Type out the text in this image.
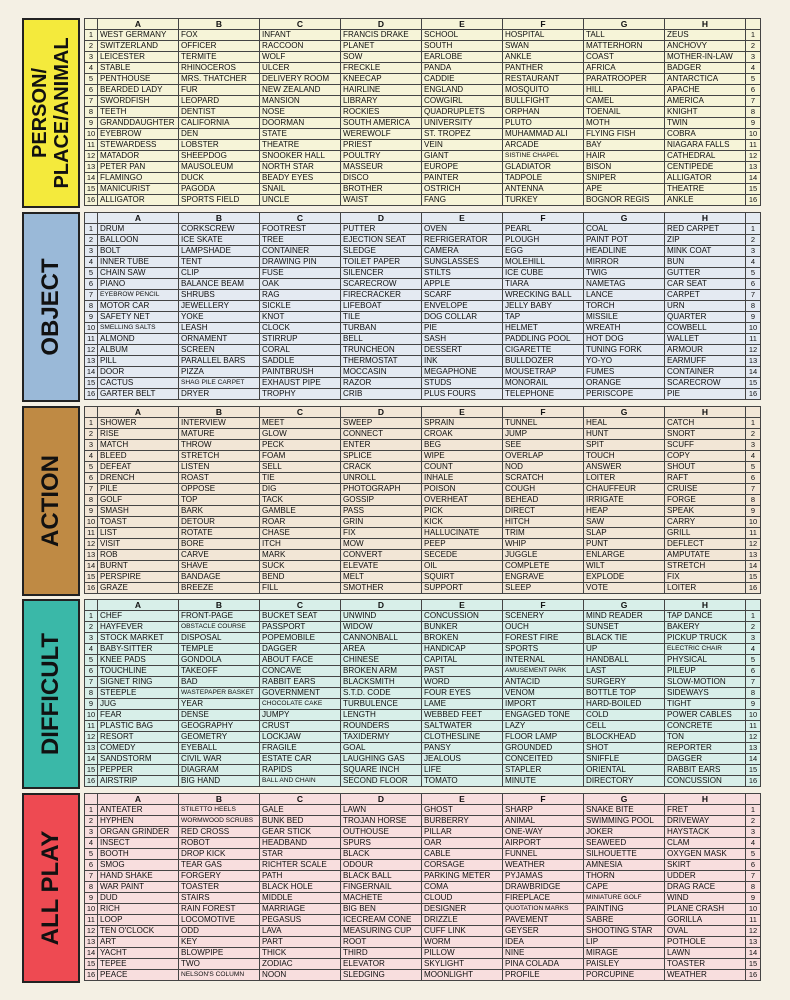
PERSON/ PLACE/ANIMAL
	A	B	C	D	E	F	G	H	
1	WEST GERMANY	FOX	INFANT	FRANCIS DRAKE	SCHOOL	HOSPITAL	TALL	ZEUS	1
2	SWITZERLAND	OFFICER	RACCOON	PLANET	SOUTH	SWAN	MATTERHORN	ANCHOVY	2
3	LEICESTER	TERMITE	WOLF	SOW	EARLOBE	ANKLE	COAST	MOTHER-IN-LAW	3
4	STABLE	RHINOCEROS	ULCER	FRECKLE	PANDA	PANTHER	AFRICA	BADGER	4
5	PENTHOUSE	MRS. THATCHER	DELIVERY ROOM	KNEECAP	CADDIE	RESTAURANT	PARATROOPER	ANTARCTICA	5
6	BEARDED LADY	FUR	NEW ZEALAND	HAIRLINE	ENGLAND	MOSQUITO	HILL	APACHE	6
7	SWORDFISH	LEOPARD	MANSION	LIBRARY	COWGIRL	BULLFIGHT	CAMEL	AMERICA	7
8	TEETH	DENTIST	NOSE	ROCKIES	QUADRUPLETS	ORPHAN	TOENAIL	KNIGHT	8
9	GRANDDAUGHTER	CALIFORNIA	DOORMAN	SOUTH AMERICA	UNIVERSITY	PLUTO	MOTH	TWIN	9
10	EYEBROW	DEN	STATE	WEREWOLF	ST. TROPEZ	MUHAMMAD ALI	FLYING FISH	COBRA	10
11	STEWARDESS	LOBSTER	THEATRE	PRIEST	VEIN	ARCADE	BAY	NIAGARA FALLS	11
12	MATADOR	SHEEPDOG	SNOOKER HALL	POULTRY	GIANT	SISTINE CHAPEL	HAIR	CATHEDRAL	12
13	PETER PAN	MAUSOLEUM	NORTH STAR	MASSEUR	EUROPE	GLADIATOR	BISON	CENTIPEDE	13
14	FLAMINGO	DUCK	BEADY EYES	DISCO	PAINTER	TADPOLE	SNIPER	ALLIGATOR	14
15	MANICURIST	PAGODA	SNAIL	BROTHER	OSTRICH	ANTENNA	APE	THEATRE	15
16	ALLIGATOR	SPORTS FIELD	UNCLE	WAIST	FANG	TURKEY	BOGNOR REGIS	ANKLE	16
OBJECT
	A	B	C	D	E	F	G	H	
1	DRUM	CORKSCREW	FOOTREST	PUTTER	OVEN	PEARL	COAL	RED CARPET	1
2	BALLOON	ICE SKATE	TREE	EJECTION SEAT	REFRIGERATOR	PLOUGH	PAINT POT	ZIP	2
3	BOLT	LAMPSHADE	CONTAINER	SLEDGE	CAMERA	EGG	HEADLINE	MINK COAT	3
4	INNER TUBE	TENT	DRAWING PIN	TOILET PAPER	SUNGLASSES	MOLEHILL	MIRROR	BUN	4
5	CHAIN SAW	CLIP	FUSE	SILENCER	STILTS	ICE CUBE	TWIG	GUTTER	5
6	PIANO	BALANCE BEAM	OAK	SCARECROW	APPLE	TIARA	NAMETAG	CAR SEAT	6
7	EYEBROW PENCIL	SHRUBS	RAG	FIRECRACKER	SCARF	WRECKING BALL	LANCE	CARPET	7
8	MOTOR CAR	JEWELLERY	SICKLE	LIFEBOAT	ENVELOPE	JELLY BABY	TORCH	URN	8
9	SAFETY NET	YOKE	KNOT	TILE	DOG COLLAR	TAP	MISSILE	QUARTER	9
10	SMELLING SALTS	LEASH	CLOCK	TURBAN	PIE	HELMET	WREATH	COWBELL	10
11	ALMOND	ORNAMENT	STIRRUP	BELL	SASH	PADDLING POOL	HOT DOG	WALLET	11
12	ALBUM	SCREEN	CORAL	TRUNCHEON	DESSERT	CIGARETTE	TUNING FORK	ARMOUR	12
13	PILL	PARALLEL BARS	SADDLE	THERMOSTAT	INK	BULLDOZER	YO-YO	EARMUFF	13
14	DOOR	PIZZA	PAINTBRUSH	MOCCASIN	MEGAPHONE	MOUSETRAP	FUMES	CONTAINER	14
15	CACTUS	SHAG PILE CARPET	EXHAUST PIPE	RAZOR	STUDS	MONORAIL	ORANGE	SCARECROW	15
16	GARTER BELT	DRYER	TROPHY	CRIB	PLUS FOURS	TELEPHONE	PERISCOPE	PIE	16
ACTION
	A	B	C	D	E	F	G	H	
1	SHOWER	INTERVIEW	MEET	SWEEP	SPRAIN	TUNNEL	HEAL	CATCH	1
2	RISE	MATURE	GLOW	CONNECT	CROAK	JUMP	HUNT	SNORT	2
3	MATCH	THROW	PECK	ENTER	BEG	SEE	SPIT	SCUFF	3
4	BLEED	STRETCH	FOAM	SPLICE	WIPE	OVERLAP	TOUCH	COPY	4
5	DEFEAT	LISTEN	SELL	CRACK	COUNT	NOD	ANSWER	SHOUT	5
6	DRENCH	ROAST	TIE	UNROLL	INHALE	SCRATCH	LOITER	RAFT	6
7	PILE	OPPOSE	DIG	PHOTOGRAPH	POISON	COUGH	CHAUFFEUR	CRUISE	7
8	GOLF	TOP	TACK	GOSSIP	OVERHEAT	BEHEAD	IRRIGATE	FORGE	8
9	SMASH	BARK	GAMBLE	PASS	PICK	DIRECT	HEAP	SPEAK	9
10	TOAST	DETOUR	ROAR	GRIN	KICK	HITCH	SAW	CARRY	10
11	LIST	ROTATE	CHASE	FIX	HALLUCINATE	TRIM	SLAP	GRILL	11
12	VISIT	BORE	ITCH	MOW	PEEP	WHIP	PUNT	DEFLECT	12
13	ROB	CARVE	MARK	CONVERT	SECEDE	JUGGLE	ENLARGE	AMPUTATE	13
14	BURNT	SHAVE	SUCK	ELEVATE	OIL	COMPLETE	WILT	STRETCH	14
15	PERSPIRE	BANDAGE	BEND	MELT	SQUIRT	ENGRAVE	EXPLODE	FIX	15
16	GRAZE	BREEZE	FILL	SMOTHER	SUPPORT	SLEEP	VOTE	LOITER	16
DIFFICULT
	A	B	C	D	E	F	G	H	
1	CHEF	FRONT-PAGE	BUCKET SEAT	UNWIND	CONCUSSION	SCENERY	MIND READER	TAP DANCE	1
2	HAYFEVER	OBSTACLE COURSE	PASSPORT	WIDOW	BUNKER	OUCH	SUNSET	BAKERY	2
3	STOCK MARKET	DISPOSAL	POPEMOBILE	CANNONBALL	BROKEN	FOREST FIRE	BLACK TIE	PICKUP TRUCK	3
4	BABY-SITTER	TEMPLE	DAGGER	AREA	HANDICAP	SPORTS	UP	ELECTRIC CHAIR	4
5	KNEE PADS	GONDOLA	ABOUT FACE	CHINESE	CAPITAL	INTERNAL	HANDBALL	PHYSICAL	5
6	TOUCHLINE	TAKEOFF	CONCAVE	BROKEN ARM	PAST	AMUSEMENT PARK	LAST	PILEUP	6
7	SIGNET RING	BAD	RABBIT EARS	BLACKSMITH	WORD	ANTACID	SURGERY	SLOW-MOTION	7
8	STEEPLE	WASTEPAPER BASKET	GOVERNMENT	S.T.D. CODE	FOUR EYES	VENOM	BOTTLE TOP	SIDEWAYS	8
9	JUG	YEAR	CHOCOLATE CAKE	TURBULENCE	LAME	IMPORT	HARD-BOILED	TIGHT	9
10	FEAR	DENSE	JUMPY	LENGTH	WEBBED FEET	ENGAGED TONE	COLD	POWER CABLES	10
11	PLASTIC BAG	GEOGRAPHY	CRUST	ROUNDERS	SALTWATER	LAZY	CELL	CONCRETE	11
12	RESORT	GEOMETRY	LOCKJAW	TAXIDERMY	CLOTHESLINE	FLOOR LAMP	BLOCKHEAD	TON	12
13	COMEDY	EYEBALL	FRAGILE	GOAL	PANSY	GROUNDED	SHOT	REPORTER	13
14	SANDSTORM	CIVIL WAR	ESTATE CAR	LAUGHING GAS	JEALOUS	CONCEITED	SNIFFLE	DAGGER	14
15	PEPPER	DIAGRAM	RAPIDS	SQUARE INCH	LIFE	STAPLER	ORIENTAL	RABBIT EARS	15
16	AIRSTRIP	BIG HAND	BALL AND CHAIN	SECOND FLOOR	TOMATO	MINUTE	DIRECTORY	CONCUSSION	16
ALL PLAY
	A	B	C	D	E	F	G	H	
1	ANTEATER	STILETTO HEELS	GALE	LAWN	GHOST	SHARP	SNAKE BITE	FRET	1
2	HYPHEN	WORMWOOD SCRUBS	BUNK BED	TROJAN HORSE	BURBERRY	ANIMAL	SWIMMING POOL	DRIVEWAY	2
3	ORGAN GRINDER	RED CROSS	GEAR STICK	OUTHOUSE	PILLAR	ONE-WAY	JOKER	HAYSTACK	3
4	INSECT	ROBOT	HEADBAND	SPURS	OAR	AIRPORT	SEAWEED	CLAM	4
5	BOOTH	DROP KICK	STAR	BLACK	CABLE	FUNNEL	SILHOUETTE	OXYGEN MASK	5
6	SMOG	TEAR GAS	RICHTER SCALE	ODOUR	CORSAGE	WEATHER	AMNESIA	SKIRT	6
7	HAND SHAKE	FORGERY	PATH	BLACK BALL	PARKING METER	PYJAMAS	THORN	UDDER	7
8	WAR PAINT	TOASTER	BLACK HOLE	FINGERNAIL	COMA	DRAWBRIDGE	CAPE	DRAG RACE	8
9	DUD	STAIRS	MIDDLE	MACHETE	CLOUD	FIREPLACE	MINIATURE GOLF	WIND	9
10	RICH	RAIN FOREST	MARRIAGE	BIG BEN	DESIGNER	QUOTATION MARKS	PAINTING	PLANE CRASH	10
11	LOOP	LOCOMOTIVE	PEGASUS	ICECREAM CONE	DRIZZLE	PAVEMENT	SABRE	GORILLA	11
12	TEN O'CLOCK	ODD	LAVA	MEASURING CUP	CUFF LINK	GEYSER	SHOOTING STAR	OVAL	12
13	ART	KEY	PART	ROOT	WORM	IDEA	LIP	POTHOLE	13
14	YACHT	BLOWPIPE	THICK	THIRD	PILLOW	NINE	MIRAGE	LAWN	14
15	TEPEE	TWO	ZODIAC	ELEVATOR	SKYLIGHT	PINA COLADA	PAISLEY	TOASTER	15
16	PEACE	NELSON'S COLUMN	NOON	SLEDGING	MOONLIGHT	PROFILE	PORCUPINE	WEATHER	16
